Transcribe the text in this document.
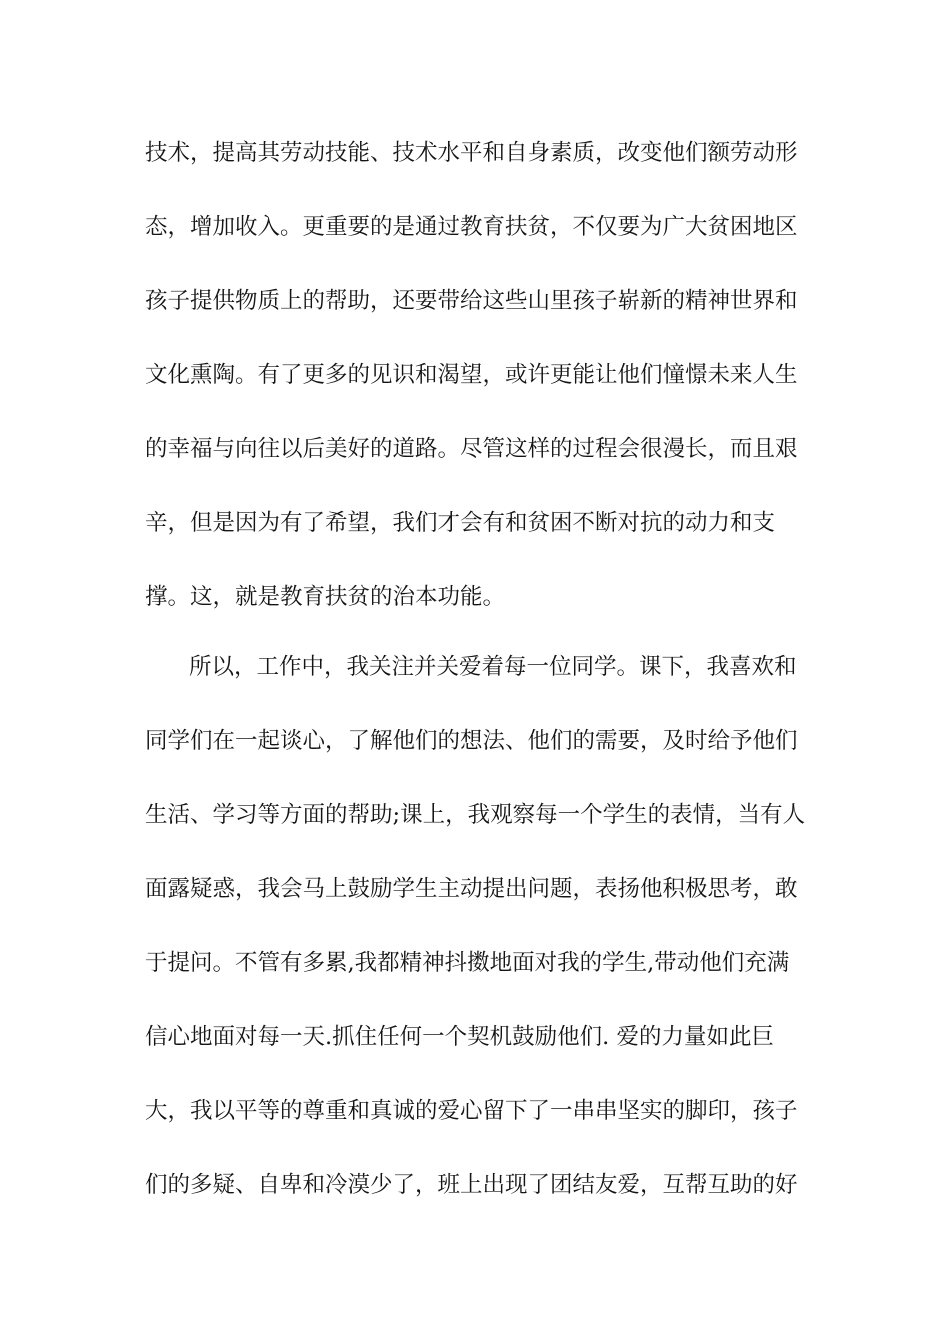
技术，提高其劳动技能、技术水平和自身素质，改变他们额劳动形
态，增加收入。更重要的是通过教育扶贫，不仅要为广大贫困地区
孩子提供物质上的帮助，还要带给这些山里孩子崭新的精神世界和
文化熏陶。有了更多的见识和渴望，或许更能让他们憧憬未来人生
的幸福与向往以后美好的道路。尽管这样的过程会很漫长，而且艰
辛，但是因为有了希望，我们才会有和贫困不断对抗的动力和支
撑。这，就是教育扶贫的治本功能。
所以，工作中，我关注并关爱着每一位同学。课下，我喜欢和
同学们在一起谈心，了解他们的想法、他们的需要，及时给予他们
生活、学习等方面的帮助;课上，我观察每一个学生的表情，当有人
面露疑惑，我会马上鼓励学生主动提出问题，表扬他积极思考，敢
于提问。不管有多累,我都精神抖擞地面对我的学生,带动他们充满
信心地面对每一天.抓住任何一个契机鼓励他们. 爱的力量如此巨
大，我以平等的尊重和真诚的爱心留下了一串串坚实的脚印，孩子
们的多疑、自卑和冷漠少了，班上出现了团结友爱，互帮互助的好
